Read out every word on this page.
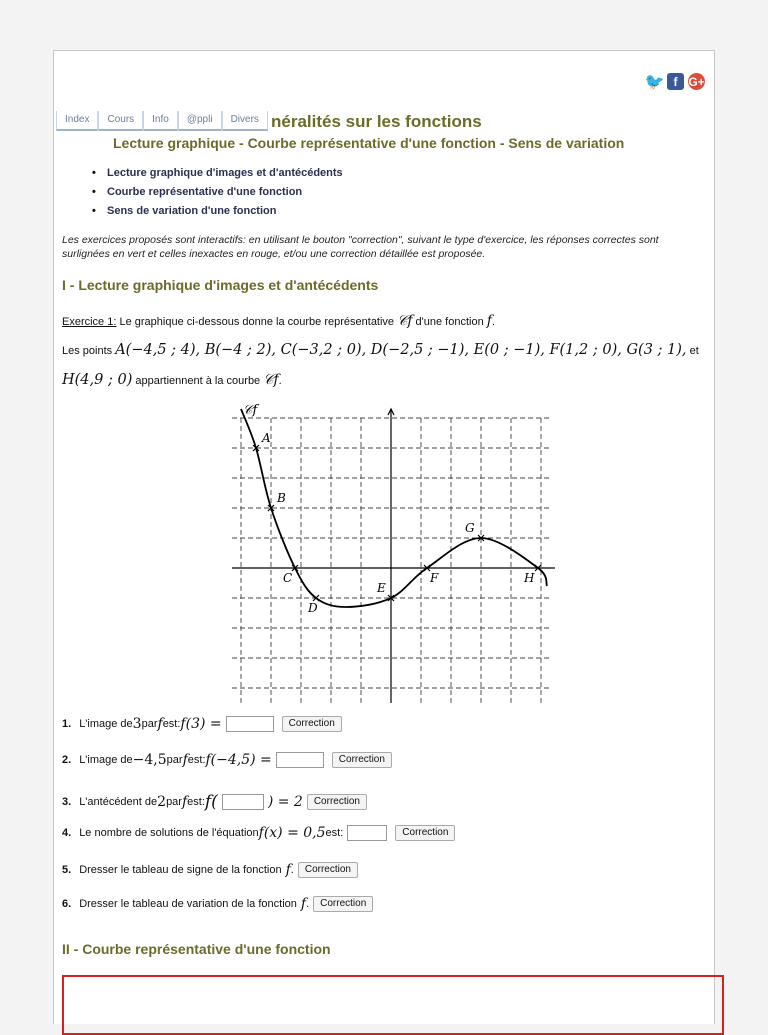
🐦 f G+
néralités sur les fonctions
Index	Cours	Info	@ppli	Divers
Lecture graphique - Courbe représentative d'une fonction - Sens de variation
• Lecture graphique d'images et d'antécédents
• Courbe représentative d'une fonction
• Sens de variation d'une fonction
Les exercices proposés sont interactifs: en utilisant le bouton "correction", suivant le type d'exercice, les réponses correctes sont surlignées en vert et celles inexactes en rouge, et/ou une correction détaillée est proposée.
I - Lecture graphique d'images et d'antécédents
Exercice 1: Le graphique ci-dessous donne la courbe représentative 𝒞f d'une fonction f.
Les points A(−4,5 ; 4), B(−4 ; 2), C(−3,2 ; 0), D(−2,5 ; −1), E(0 ; −1), F(1,2 ; 0), G(3 ; 1), et
H(4,9 ; 0) appartiennent à la courbe 𝒞f.
A
B
C
D
E
F
G
H
𝒞f
1. L'image de 3 par f est: f(3) =	Correction
2. L'image de −4,5 par f est: f(−4,5) =	Correction
3. L'antécédent de 2 par f est: f(	) = 2	Correction
4. Le nombre de solutions de l'équation f(x) = 0,5 est:	Correction
5. Dresser le tableau de signe de la fonction f .	Correction
6. Dresser le tableau de variation de la fonction f .	Correction
II - Courbe représentative d'une fonction
